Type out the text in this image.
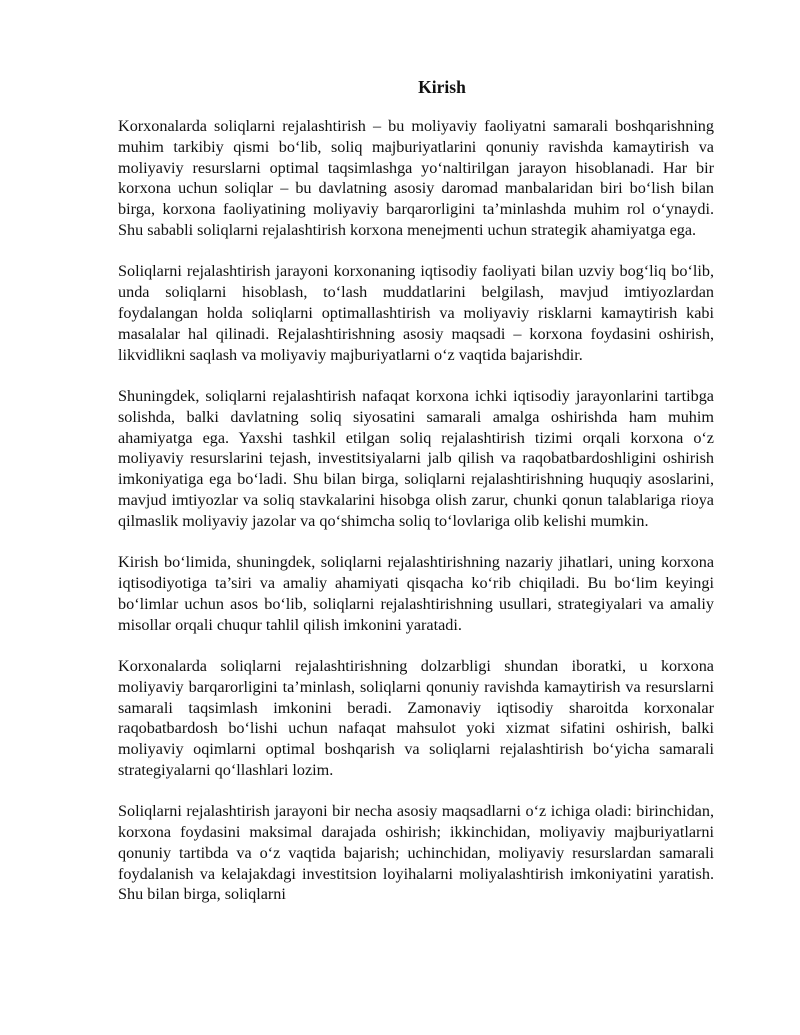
Kirish

Korxonalarda soliqlarni rejalashtirish – bu moliyaviy faoliyatni samarali boshqarishning muhim tarkibiy qismi bo‘lib, soliq majburiyatlarini qonuniy ravishda kamaytirish va moliyaviy resurslarni optimal taqsimlashga yo‘naltirilgan jarayon hisoblanadi. Har bir korxona uchun soliqlar – bu davlatning asosiy daromad manbalaridan biri bo‘lish bilan birga, korxona faoliyatining moliyaviy barqarorligini ta’minlashda muhim rol o‘ynaydi. Shu sababli soliqlarni rejalashtirish korxona menejmenti uchun strategik ahamiyatga ega.

Soliqlarni rejalashtirish jarayoni korxonaning iqtisodiy faoliyati bilan uzviy bog‘liq bo‘lib, unda soliqlarni hisoblash, to‘lash muddatlarini belgilash, mavjud imtiyozlardan foydalangan holda soliqlarni optimallashtirish va moliyaviy risklarni kamaytirish kabi masalalar hal qilinadi. Rejalashtirishning asosiy maqsadi – korxona foydasini oshirish, likvidlikni saqlash va moliyaviy majburiyatlarni o‘z vaqtida bajarishdir.

Shuningdek, soliqlarni rejalashtirish nafaqat korxona ichki iqtisodiy jarayonlarini tartibga solishda, balki davlatning soliq siyosatini samarali amalga oshirishda ham muhim ahamiyatga ega. Yaxshi tashkil etilgan soliq rejalashtirish tizimi orqali korxona o‘z moliyaviy resurslarini tejash, investitsiyalarni jalb qilish va raqobatbardoshligini oshirish imkoniyatiga ega bo‘ladi. Shu bilan birga, soliqlarni rejalashtirishning huquqiy asoslarini, mavjud imtiyozlar va soliq stavkalarini hisobga olish zarur, chunki qonun talablariga rioya qilmaslik moliyaviy jazolar va qo‘shimcha soliq to‘lovlariga olib kelishi mumkin.

Kirish bo‘limida, shuningdek, soliqlarni rejalashtirishning nazariy jihatlari, uning korxona iqtisodiyotiga ta’siri va amaliy ahamiyati qisqacha ko‘rib chiqiladi. Bu bo‘lim keyingi bo‘limlar uchun asos bo‘lib, soliqlarni rejalashtirishning usullari, strategiyalari va amaliy misollar orqali chuqur tahlil qilish imkonini yaratadi.

Korxonalarda soliqlarni rejalashtirishning dolzarbligi shundan iboratki, u korxona moliyaviy barqarorligini ta’minlash, soliqlarni qonuniy ravishda kamaytirish va resurslarni samarali taqsimlash imkonini beradi. Zamonaviy iqtisodiy sharoitda korxonalar raqobatbardosh bo‘lishi uchun nafaqat mahsulot yoki xizmat sifatini oshirish, balki moliyaviy oqimlarni optimal boshqarish va soliqlarni rejalashtirish bo‘yicha samarali strategiyalarni qo‘llashlari lozim.

Soliqlarni rejalashtirish jarayoni bir necha asosiy maqsadlarni o‘z ichiga oladi: birinchidan, korxona foydasini maksimal darajada oshirish; ikkinchidan, moliyaviy majburiyatlarni qonuniy tartibda va o‘z vaqtida bajarish; uchinchidan, moliyaviy resurslardan samarali foydalanish va kelajakdagi investitsion loyihalarni moliyalashtirish imkoniyatini yaratish. Shu bilan birga, soliqlarni
